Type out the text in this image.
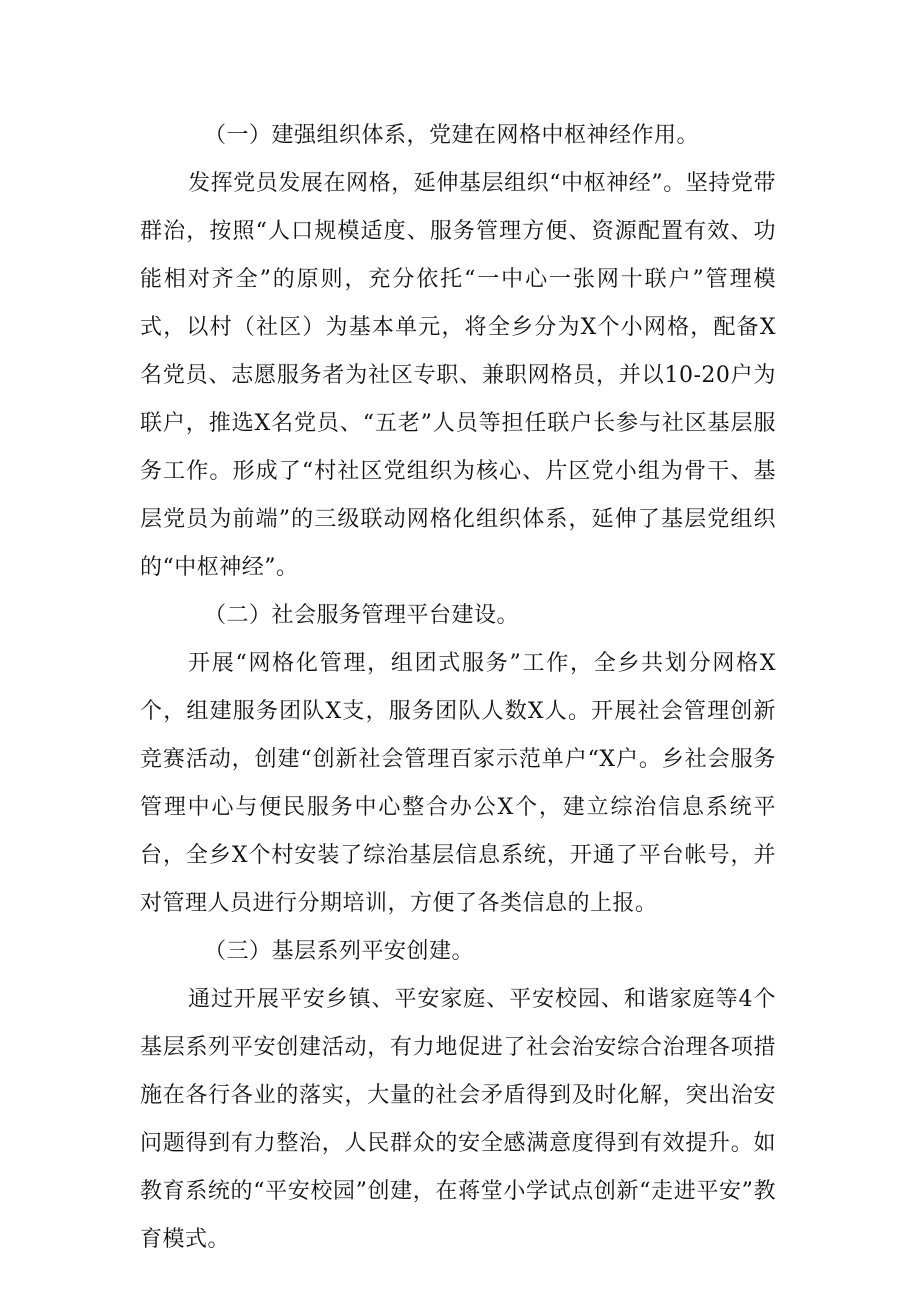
（一）建强组织体系，党建在网格中枢神经作用。

发挥党员发展在网格，延伸基层组织“中枢神经”。坚持党带群治，按照“人口规模适度、服务管理方便、资源配置有效、功能相对齐全”的原则，充分依托“一中心一张网十联户”管理模式，以村（社区）为基本单元，将全乡分为X个小网格，配备X名党员、志愿服务者为社区专职、兼职网格员，并以10-20户为联户，推选X名党员、“五老”人员等担任联户长参与社区基层服务工作。形成了“村社区党组织为核心、片区党小组为骨干、基层党员为前端”的三级联动网格化组织体系，延伸了基层党组织的“中枢神经”。

（二）社会服务管理平台建设。

开展“网格化管理，组团式服务”工作，全乡共划分网格X个，组建服务团队X支，服务团队人数X人。开展社会管理创新竞赛活动，创建“创新社会管理百家示范单户“X户。乡社会服务管理中心与便民服务中心整合办公X个，建立综治信息系统平台，全乡X个村安装了综治基层信息系统，开通了平台帐号，并对管理人员进行分期培训，方便了各类信息的上报。

（三）基层系列平安创建。

通过开展平安乡镇、平安家庭、平安校园、和谐家庭等4个基层系列平安创建活动，有力地促进了社会治安综合治理各项措施在各行各业的落实，大量的社会矛盾得到及时化解，突出治安问题得到有力整治，人民群众的安全感满意度得到有效提升。如教育系统的“平安校园”创建，在蒋堂小学试点创新“走进平安”教育模式。
